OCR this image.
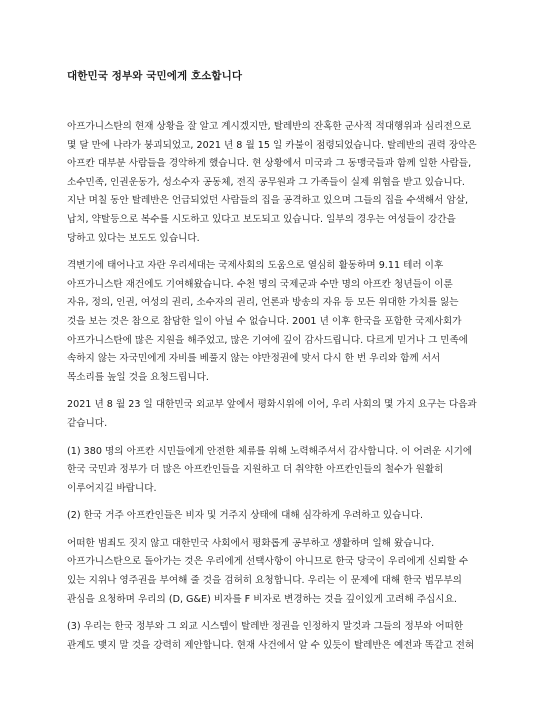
대한민국 정부와 국민에게 호소합니다
아프가니스탄의 현재 상황을 잘 알고 계시겠지만, 탈레반의 잔혹한 군사적 적대행위과 심리전으로
몇 달 만에 나라가 붕괴되었고, 2021 년 8 월 15 일 카불이 점령되었습니다. 탈레반의 권력 장악은
아프칸 대부분 사람들을 경악하게 했습니다. 현 상황에서 미국과 그 동맹국들과 함께 일한 사람들,
소수민족, 인권운동가, 성소수자 공동체, 전직 공무원과 그 가족들이 실제 위협을 받고 있습니다.
지난 며칠 동안 탈레반은 언급되었던 사람들의 집을 공격하고 있으며 그들의 집을 수색해서 암살,
납치, 약탈등으로 복수를 시도하고 있다고 보도되고 있습니다. 일부의 경우는 여성들이 강간을
당하고 있다는 보도도 있습니다.
격변기에 태어나고 자란 우리세대는 국제사회의 도움으로 열심히 활동하며 9.11 테러 이후
아프가니스탄 재건에도 기여해왔습니다. 수천 명의 국제군과 수만 명의 아프칸 청년들이 이룬
자유, 정의, 인권, 여성의 권리, 소수자의 권리, 언론과 방송의 자유 등 모든 위대한 가치를 잃는
것을 보는 것은 참으로 참담한 일이 아닐 수 없습니다. 2001 년 이후 한국을 포함한 국제사회가
아프가니스탄에 많은 지원을 해주었고, 많은 기여에 깊이 감사드립니다. 다르게 믿거나 그 민족에
속하지 않는 자국민에게 자비를 베풀지 않는 야만정권에 맞서 다시 한 번 우리와 함께 서서
목소리를 높일 것을 요청드립니다.
2021 년 8 월 23 일 대한민국 외교부 앞에서 평화시위에 이어, 우리 사회의 몇 가지 요구는 다음과
같습니다.
(1) 380 명의 아프칸 시민들에게 안전한 체류를 위해 노력해주셔서 감사합니다. 이 어려운 시기에
한국 국민과 정부가 더 많은 아프칸인들을 지원하고 더 취약한 아프칸인들의 철수가 원활히
이루어지길 바랍니다.
(2) 한국 거주 아프칸인들은 비자 및 거주지 상태에 대해 심각하게 우려하고 있습니다.
어떠한 범죄도 짓지 않고 대한민국 사회에서 평화롭게 공부하고 생활하며 일해 왔습니다.
아프가니스탄으로 돌아가는 것은 우리에게 선택사항이 아니므로 한국 당국이 우리에게 신뢰할 수
있는 지위나 영주권을 부여해 줄 것을 검허히 요청합니다. 우리는 이 문제에 대해 한국 법무부의
관심을 요청하며 우리의 (D, G&E) 비자를 F 비자로 변경하는 것을 깊이있게 고려해 주십시요.
(3) 우리는 한국 정부와 그 외교 시스템이 탈레반 정권을 인정하지 말것과 그들의 정부와 어떠한
관계도 맺지 말 것을 강력히 제안합니다. 현재 사건에서 알 수 있듯이 탈레반은 예전과 똑같고 전혀
